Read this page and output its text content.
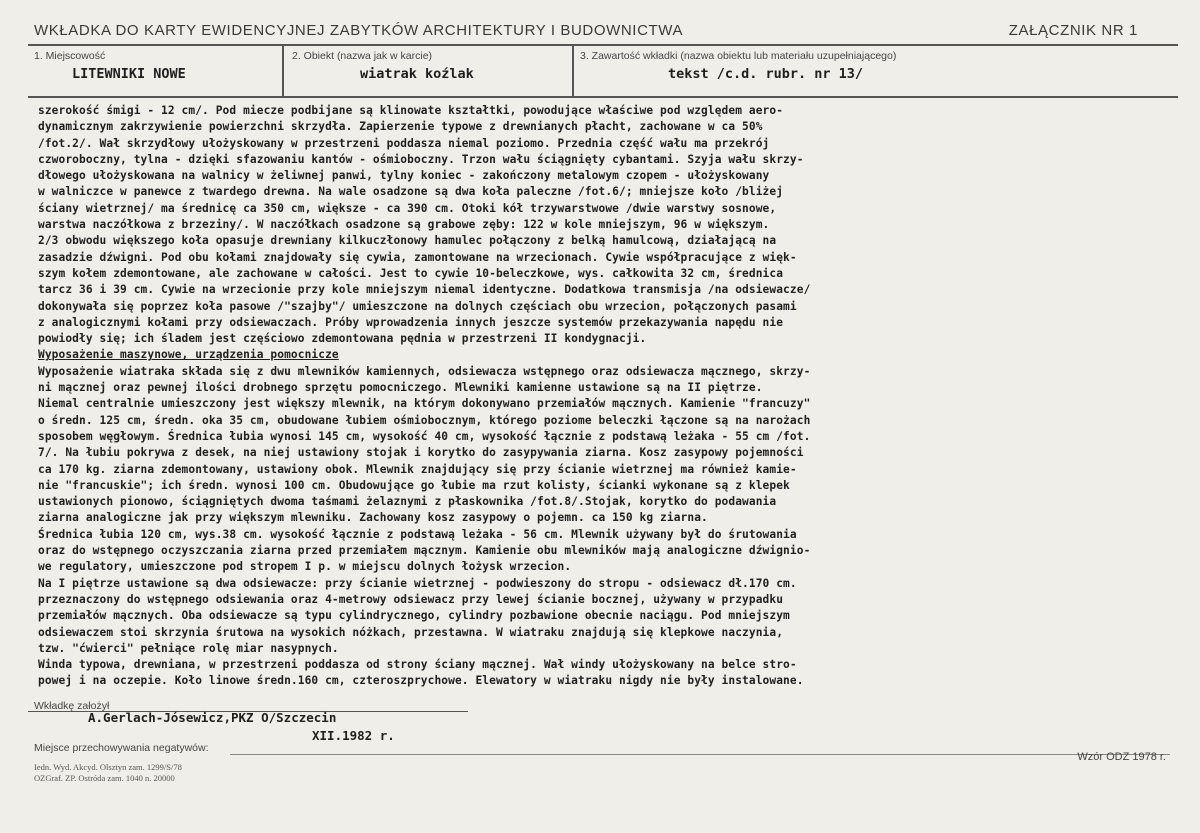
WKŁADKA DO KARTY EWIDENCYJNEJ ZABYTKÓW ARCHITEKTURY I BUDOWNICTWA	ZAŁĄCZNIK NR 1
1. Miejscowość
LITEWNIKI NOWE
2. Obiekt (nazwa jak w karcie)
wiatrak koźlak
3. Zawartość wkładki (nazwa obiektu lub materiału uzupełniającego)
tekst /c.d. rubr. nr 13/
szerokość śmigi - 12 cm/. Pod miecze podbijane są klinowate kształtki, powodujące właściwe pod względem aero-
dynamicznym zakrzywienie powierzchni skrzydła. Zapierzenie typowe z drewnianych płacht, zachowane w ca 50%
/fot.2/. Wał skrzydłowy ułożyskowany w przestrzeni poddasza niemal poziomo. Przednia część wału ma przekrój
czworoboczny, tylna - dzięki sfazowaniu kantów - ośmioboczny. Trzon wału ściągnięty cybantami. Szyja wału skrzy-
dłowego ułożyskowana na walnicy w żeliwnej panwi, tylny koniec - zakończony metalowym czopem - ułożyskowany
w walniczce w panewce z twardego drewna. Na wale osadzone są dwa koła paleczne /fot.6/; mniejsze koło /bliżej
ściany wietrznej/ ma średnicę ca 350 cm, większe - ca 390 cm. Otoki kół trzywarstwowe /dwie warstwy sosnowe,
warstwa naczółkowa z brzeziny/. W naczółkach osadzone są grabowe zęby: 122 w kole mniejszym, 96 w większym.
2/3 obwodu większego koła opasuje drewniany kilkuczłonowy hamulec połączony z belką hamulcową, działającą na
zasadzie dźwigni. Pod obu kołami znajdowały się cywia, zamontowane na wrzecionach. Cywie współpracujące z więk-
szym kołem zdemontowane, ale zachowane w całości. Jest to cywie 10-beleczkowe, wys. całkowita 32 cm, średnica
tarcz 36 i 39 cm. Cywie na wrzecionie przy kole mniejszym niemal identyczne. Dodatkowa transmisja /na odsiewacze/
dokonywała się poprzez koła pasowe /"szajby"/ umieszczone na dolnych częściach obu wrzecion, połączonych pasami
z analogicznymi kołami przy odsiewaczach. Próby wprowadzenia innych jeszcze systemów przekazywania napędu nie
powiodły się; ich śladem jest częściowo zdemontowana pędnia w przestrzeni II kondygnacji.
Wyposażenie maszynowe, urządzenia pomocnicze
Wyposażenie wiatraka składa się z dwu mlewników kamiennych, odsiewacza wstępnego oraz odsiewacza mącznego, skrzy-
ni mącznej oraz pewnej ilości drobnego sprzętu pomocniczego. Mlewniki kamienne ustawione są na II piętrze.
Niemal centralnie umieszczony jest większy mlewnik, na którym dokonywano przemiałów mącznych. Kamienie "francuzy"
o średn. 125 cm, średn. oka 35 cm, obudowane łubiem ośmiobocznym, którego poziome beleczki łączone są na narożach
sposobem węgłowym. Średnica łubia wynosi 145 cm, wysokość 40 cm, wysokość łącznie z podstawą leżaka - 55 cm /fot.
7/. Na łubiu pokrywa z desek, na niej ustawiony stojak i korytko do zasypywania ziarna. Kosz zasypowy pojemności
ca 170 kg. ziarna zdemontowany, ustawiony obok. Mlewnik znajdujący się przy ścianie wietrznej ma również kamie-
nie "francuskie"; ich średn. wynosi 100 cm. Obudowujące go łubie ma rzut kolisty, ścianki wykonane są z klepek
ustawionych pionowo, ściągniętych dwoma taśmami żelaznymi z płaskownika /fot.8/.Stojak, korytko do podawania
ziarna analogiczne jak przy większym mlewniku. Zachowany kosz zasypowy o pojemn. ca 150 kg ziarna.
Średnica łubia 120 cm, wys.38 cm. wysokość łącznie z podstawą leżaka - 56 cm. Mlewnik używany był do śrutowania
oraz do wstępnego oczyszczania ziarna przed przemiałem mącznym. Kamienie obu mlewników mają analogiczne dźwignio-
we regulatory, umieszczone pod stropem I p. w miejscu dolnych łożysk wrzecion.
Na I piętrze ustawione są dwa odsiewacze: przy ścianie wietrznej - podwieszony do stropu - odsiewacz dł.170 cm.
przeznaczony do wstępnego odsiewania oraz 4-metrowy odsiewacz przy lewej ścianie bocznej, używany w przypadku
przemiałów mącznych. Oba odsiewacze są typu cylindrycznego, cylindry pozbawione obecnie naciągu. Pod mniejszym
odsiewaczem stoi skrzynia śrutowa na wysokich nóżkach, przestawna. W wiatraku znajdują się klepkowe naczynia,
tzw. "ćwierci" pełniące rolę miar nasypnych.
Winda typowa, drewniana, w przestrzeni poddasza od strony ściany mącznej. Wał windy ułożyskowany na belce stro-
powej i na oczepie. Koło linowe średn.160 cm, czteroszprychowe. Elewatory w wiatraku nigdy nie były instalowane.
Wkładkę założył
A.Gerlach-Jósewicz,PKZ O/Szczecin
XII.1982 r.
Miejsce przechowywania negatywów:
Iedn. Wyd. Akcyd. Olsztyn zam. 1299/S/78
OZGraf. ZP. Ostróda zam. 1040 n. 20000
Wzór ODZ 1978 r.
